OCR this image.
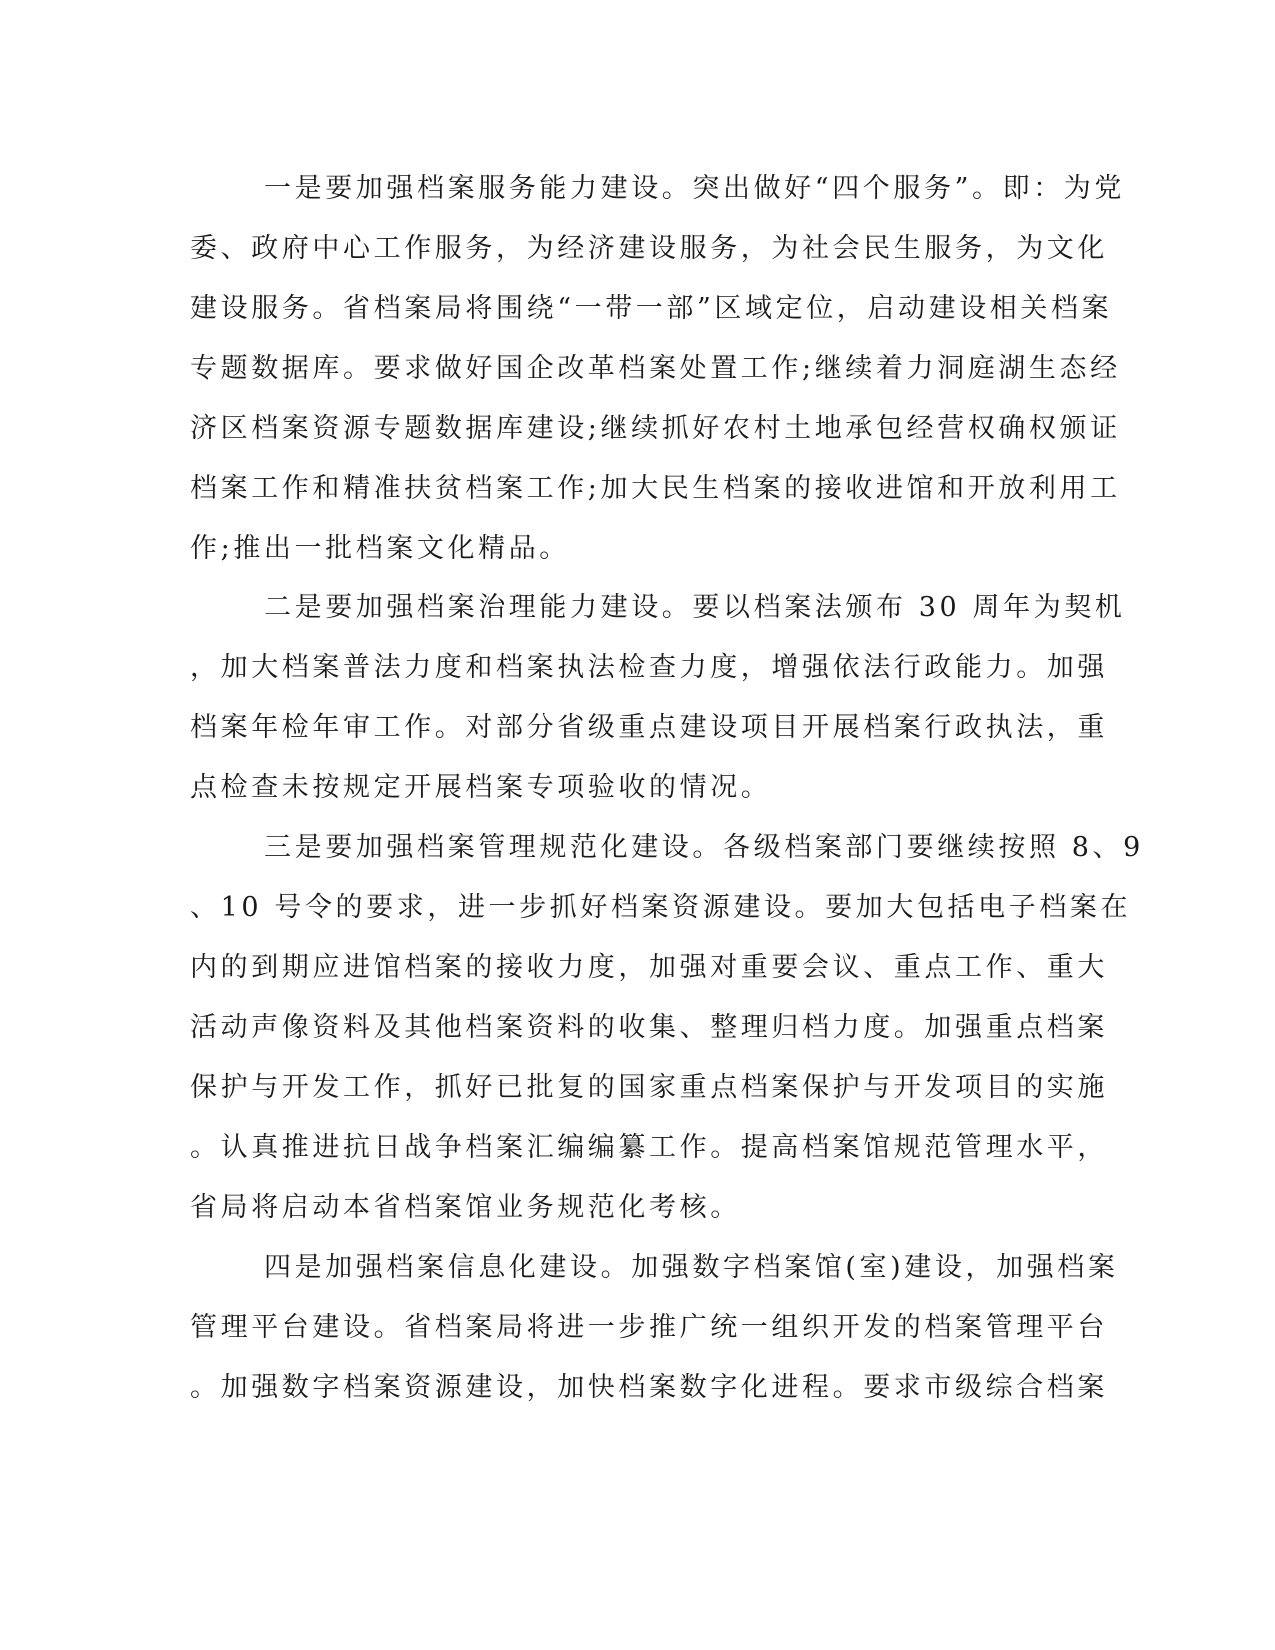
一是要加强档案服务能力建设。突出做好“四个服务”。即：为党
委、政府中心工作服务，为经济建设服务，为社会民生服务，为文化
建设服务。省档案局将围绕“一带一部”区域定位，启动建设相关档案
专题数据库。要求做好国企改革档案处置工作;继续着力洞庭湖生态经
济区档案资源专题数据库建设;继续抓好农村土地承包经营权确权颁证
档案工作和精准扶贫档案工作;加大民生档案的接收进馆和开放利用工
作;推出一批档案文化精品。
二是要加强档案治理能力建设。要以档案法颁布 30 周年为契机
，加大档案普法力度和档案执法检查力度，增强依法行政能力。加强
档案年检年审工作。对部分省级重点建设项目开展档案行政执法，重
点检查未按规定开展档案专项验收的情况。
三是要加强档案管理规范化建设。各级档案部门要继续按照 8、9
、10 号令的要求，进一步抓好档案资源建设。要加大包括电子档案在
内的到期应进馆档案的接收力度，加强对重要会议、重点工作、重大
活动声像资料及其他档案资料的收集、整理归档力度。加强重点档案
保护与开发工作，抓好已批复的国家重点档案保护与开发项目的实施
。认真推进抗日战争档案汇编编纂工作。提高档案馆规范管理水平，
省局将启动本省档案馆业务规范化考核。
四是加强档案信息化建设。加强数字档案馆(室)建设，加强档案
管理平台建设。省档案局将进一步推广统一组织开发的档案管理平台
。加强数字档案资源建设，加快档案数字化进程。要求市级综合档案
